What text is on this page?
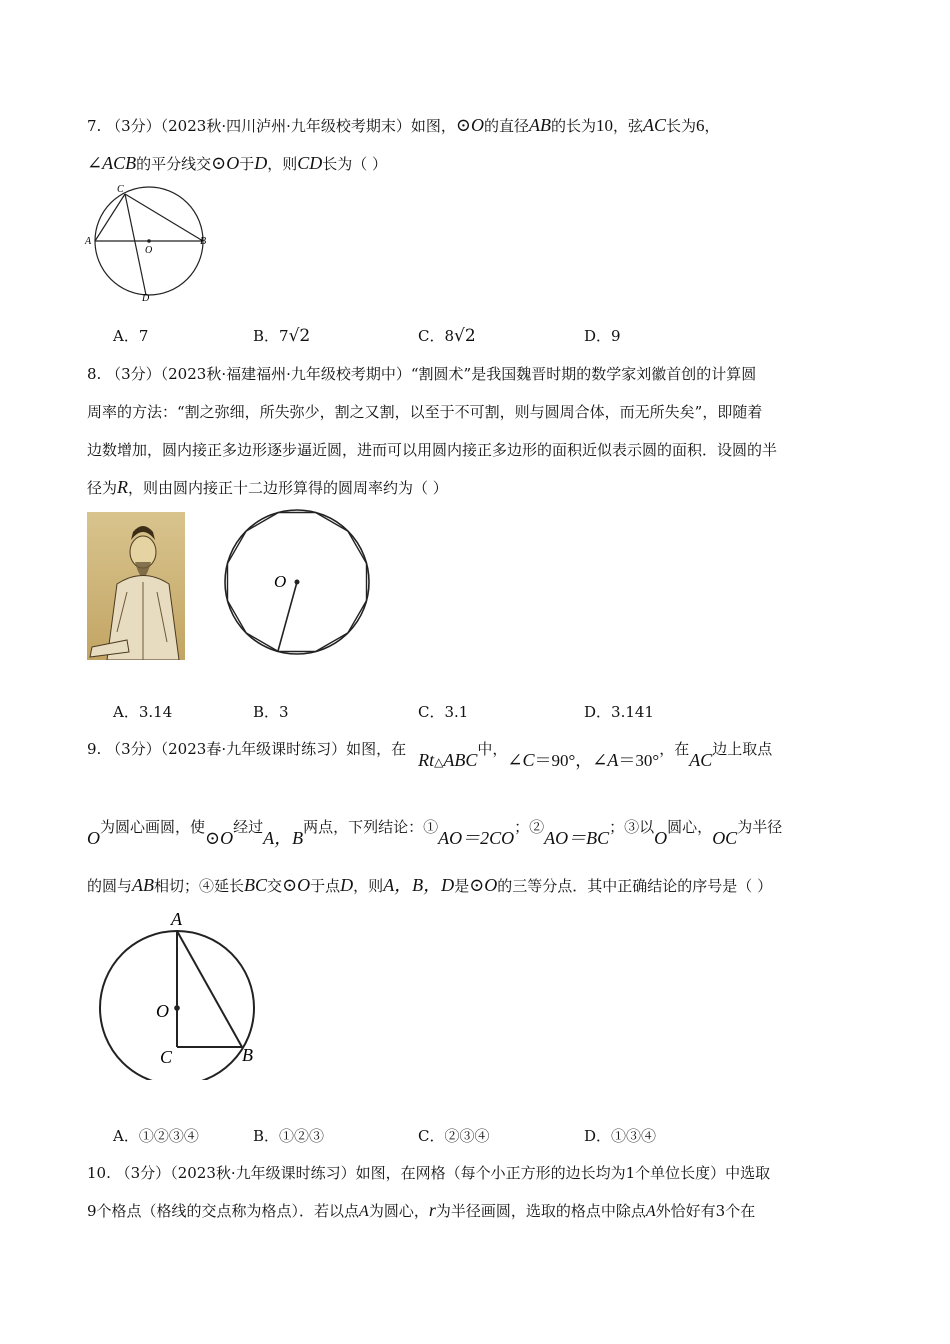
7. （3分）（2023秋·四川泸州·九年级校考期末）如图，⊙O的直径AB的长为10，弦AC长为6，
∠ACB的平分线交⊙O于D，则CD长为（ ）
C
A	B
O
D
A．7	B．7√2	C．8√2	D．9
8. （3分）（2023秋·福建福州·九年级校考期中）“割圆术”是我国魏晋时期的数学家刘徽首创的计算圆
周率的方法：“割之弥细，所失弥少，割之又割，以至于不可割，则与圆周合体，而无所失矣”，即随着
边数增加，圆内接正多边形逐步逼近圆，进而可以用圆内接正多边形的面积近似表示圆的面积．设圆的半
径为R，则由圆内接正十二边形算得的圆周率约为（ ）
O
A．3.14	B．3	C．3.1	D．3.141
9. （3分）（2023春·九年级课时练习）如图，在$Rt_\triangle ABC$中，∠C＝90°，∠A＝30°，在AC边上取点
O为圆心画圆，使⊙O经过A，B两点，下列结论：①AO＝2CO；②AO＝BC；③以O圆心，OC为半径
的圆与AB相切；④延长BC交⊙O于点D，则A，B，D是⊙O的三等分点．其中正确结论的序号是（ ）
A
O
C	B
A．①②③④	B．①②③	C．②③④	D．①③④
10. （3分）（2023秋·九年级课时练习）如图，在网格（每个小正方形的边长均为1个单位长度）中选取
9个格点（格线的交点称为格点）．若以点A为圆心，r为半径画圆，选取的格点中除点A外恰好有3个在
